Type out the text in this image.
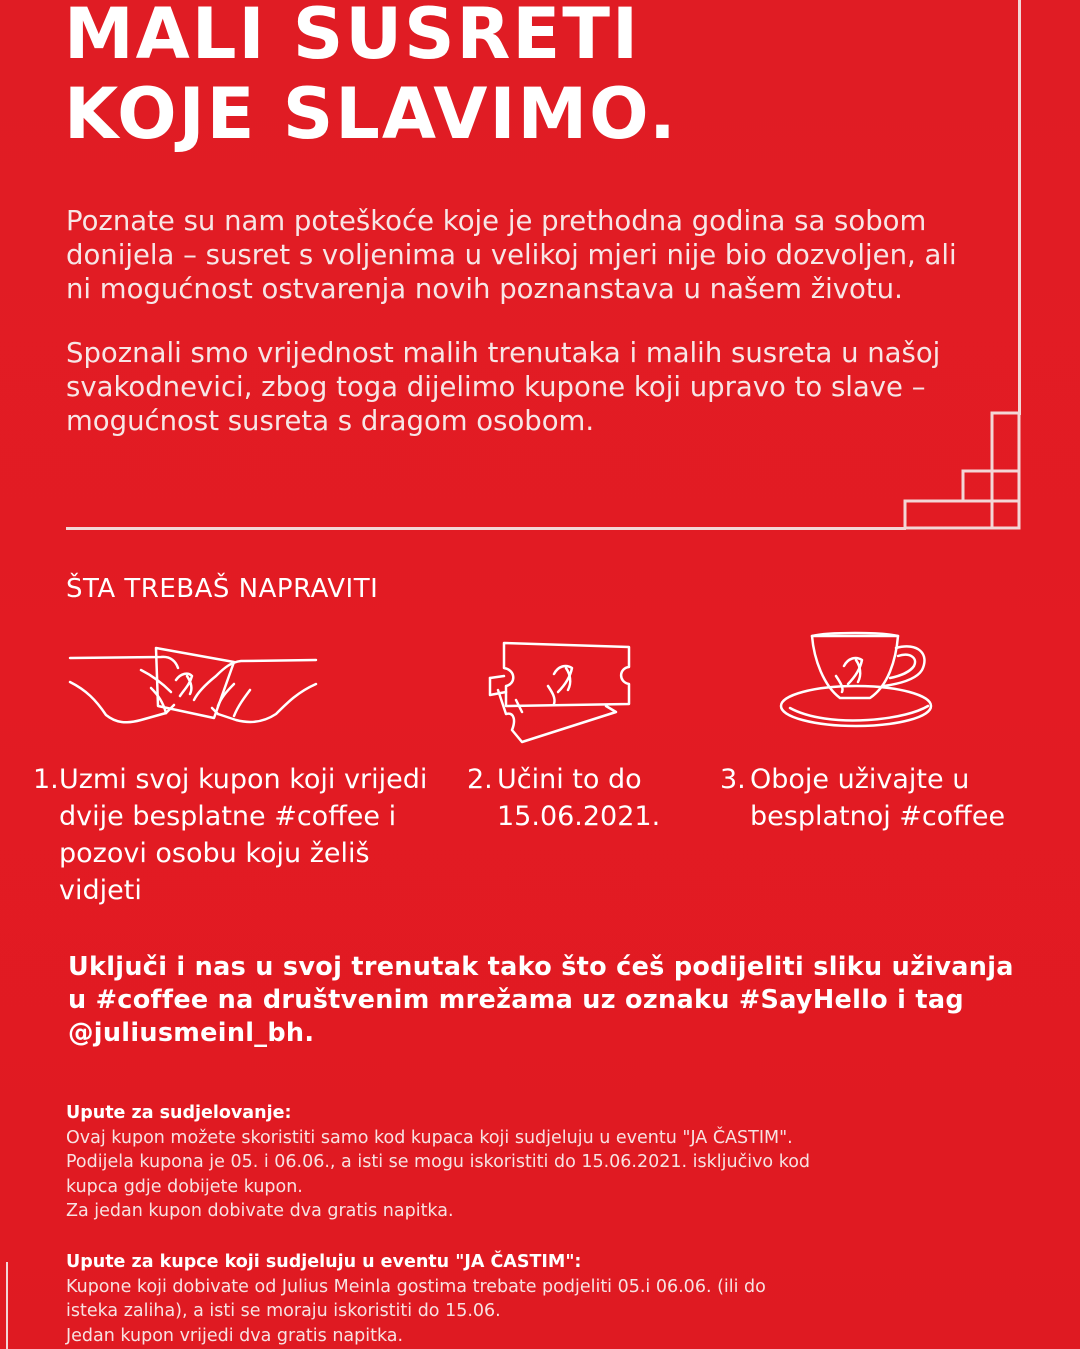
MALI SUSRETI
KOJE SLAVIMO.

Poznate su nam poteškoće koje je prethodna godina sa sobom donijela – susret s voljenima u velikoj mjeri nije bio dozvoljen, ali ni mogućnost ostvarenja novih poznanstava u našem životu.

Spoznali smo vrijednost malih trenutaka i malih susreta u našoj svakodnevici, zbog toga dijelimo kupone koji upravo to slave – mogućnost susreta s dragom osobom.

ŠTA TREBAŠ NAPRAVITI
1. Uzmi svoj kupon koji vrijedi dvije besplatne #coffee i pozovi osobu koju želiš vidjeti
2. Učini to do 15.06.2021.
3. Oboje uživajte u besplatnoj #coffee

Uključi i nas u svoj trenutak tako što ćeš podijeliti sliku uživanja u #coffee na društvenim mrežama uz oznaku #SayHello i tag @juliusmeinl_bh.

Upute za sudjelovanje:
Ovaj kupon možete skoristiti samo kod kupaca koji sudjeluju u eventu "JA ČASTIM".
Podijela kupona je 05. i 06.06., a isti se mogu iskoristiti do 15.06.2021. isključivo kod
kupca gdje dobijete kupon.
Za jedan kupon dobivate dva gratis napitka.
Upute za kupce koji sudjeluju u eventu "JA ČASTIM":
Kupone koji dobivate od Julius Meinla gostima trebate podjeliti 05.i 06.06. (ili do
isteka zaliha), a isti se moraju iskoristiti do 15.06.
Jedan kupon vrijedi dva gratis napitka.
